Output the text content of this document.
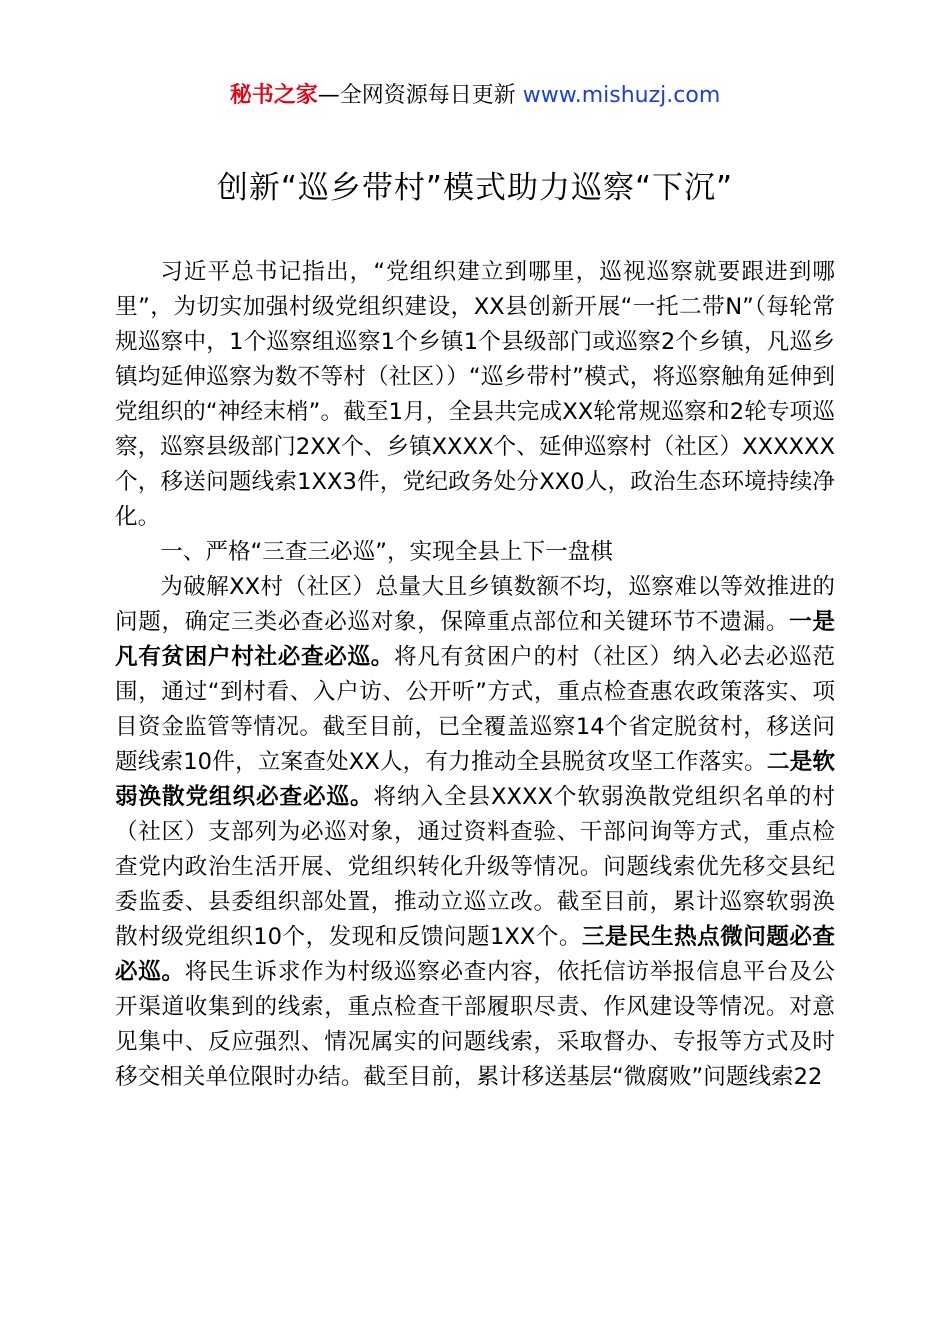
秘书之家—全网资源每日更新 www.mishuzj.com
创新“巡乡带村”模式助力巡察“下沉”

习近平总书记指出，“党组织建立到哪里，巡视巡察就要跟进到哪里”，为切实加强村级党组织建设，XX县创新开展“一托二带N”（每轮常规巡察中，1个巡察组巡察1个乡镇1个县级部门或巡察2个乡镇，凡巡乡镇均延伸巡察为数不等村（社区））“巡乡带村”模式，将巡察触角延伸到党组织的“神经末梢”。截至1月，全县共完成XX轮常规巡察和2轮专项巡察，巡察县级部门2XX个、乡镇XXXX个、延伸巡察村（社区）XXXXXX个，移送问题线索1XX3件，党纪政务处分XX0人，政治生态环境持续净化。

一、严格“三查三必巡”，实现全县上下一盘棋

为破解XX村（社区）总量大且乡镇数额不均，巡察难以等效推进的问题，确定三类必查必巡对象，保障重点部位和关键环节不遗漏。一是凡有贫困户村社必查必巡。将凡有贫困户的村（社区）纳入必去必巡范围，通过“到村看、入户访、公开听”方式，重点检查惠农政策落实、项目资金监管等情况。截至目前，已全覆盖巡察14个省定脱贫村，移送问题线索10件，立案查处XX人，有力推动全县脱贫攻坚工作落实。二是软弱涣散党组织必查必巡。将纳入全县XXXX个软弱涣散党组织名单的村（社区）支部列为必巡对象，通过资料查验、干部问询等方式，重点检查党内政治生活开展、党组织转化升级等情况。问题线索优先移交县纪委监委、县委组织部处置，推动立巡立改。截至目前，累计巡察软弱涣散村级党组织10个，发现和反馈问题1XX个。三是民生热点微问题必查必巡。将民生诉求作为村级巡察必查内容，依托信访举报信息平台及公开渠道收集到的线索，重点检查干部履职尽责、作风建设等情况。对意见集中、反应强烈、情况属实的问题线索，采取督办、专报等方式及时移交相关单位限时办结。截至目前，累计移送基层“微腐败”问题线索22
